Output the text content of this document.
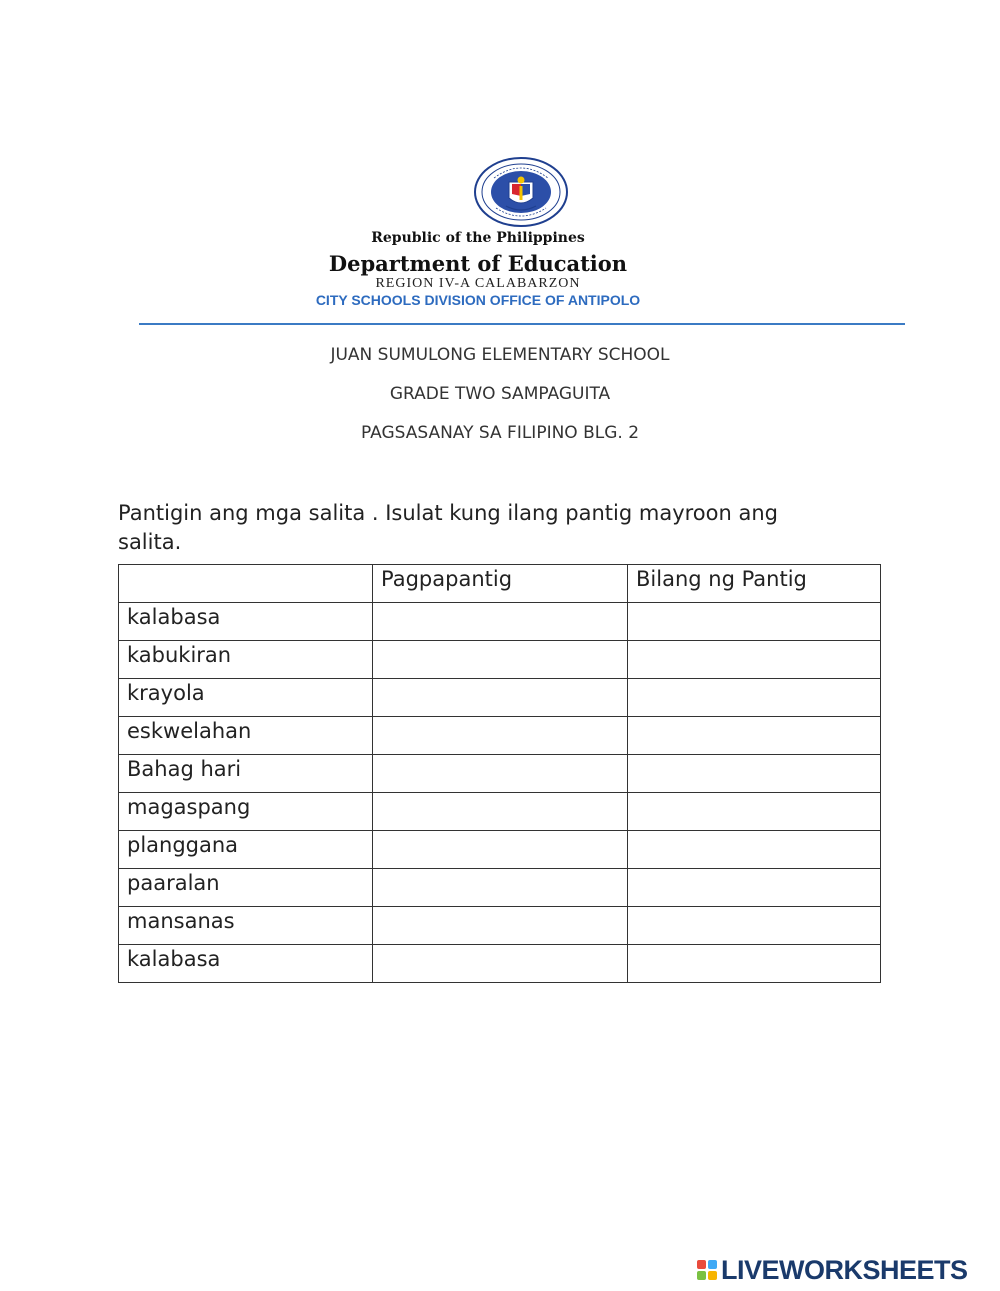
Republic of the Philippines
Department of Education
REGION IV-A CALABARZON
CITY SCHOOLS DIVISION OFFICE OF ANTIPOLO
JUAN SUMULONG ELEMENTARY SCHOOL
GRADE TWO SAMPAGUITA
PAGSASANAY SA FILIPINO BLG. 2
Pantigin ang mga salita . Isulat kung ilang pantig mayroon ang salita.
	Pagpapantig	Bilang ng Pantig
kalabasa		
kabukiran		
krayola		
eskwelahan		
Bahag hari		
magaspang		
planggana		
paaralan		
mansanas		
kalabasa		
LIVEWORKSHEETS
